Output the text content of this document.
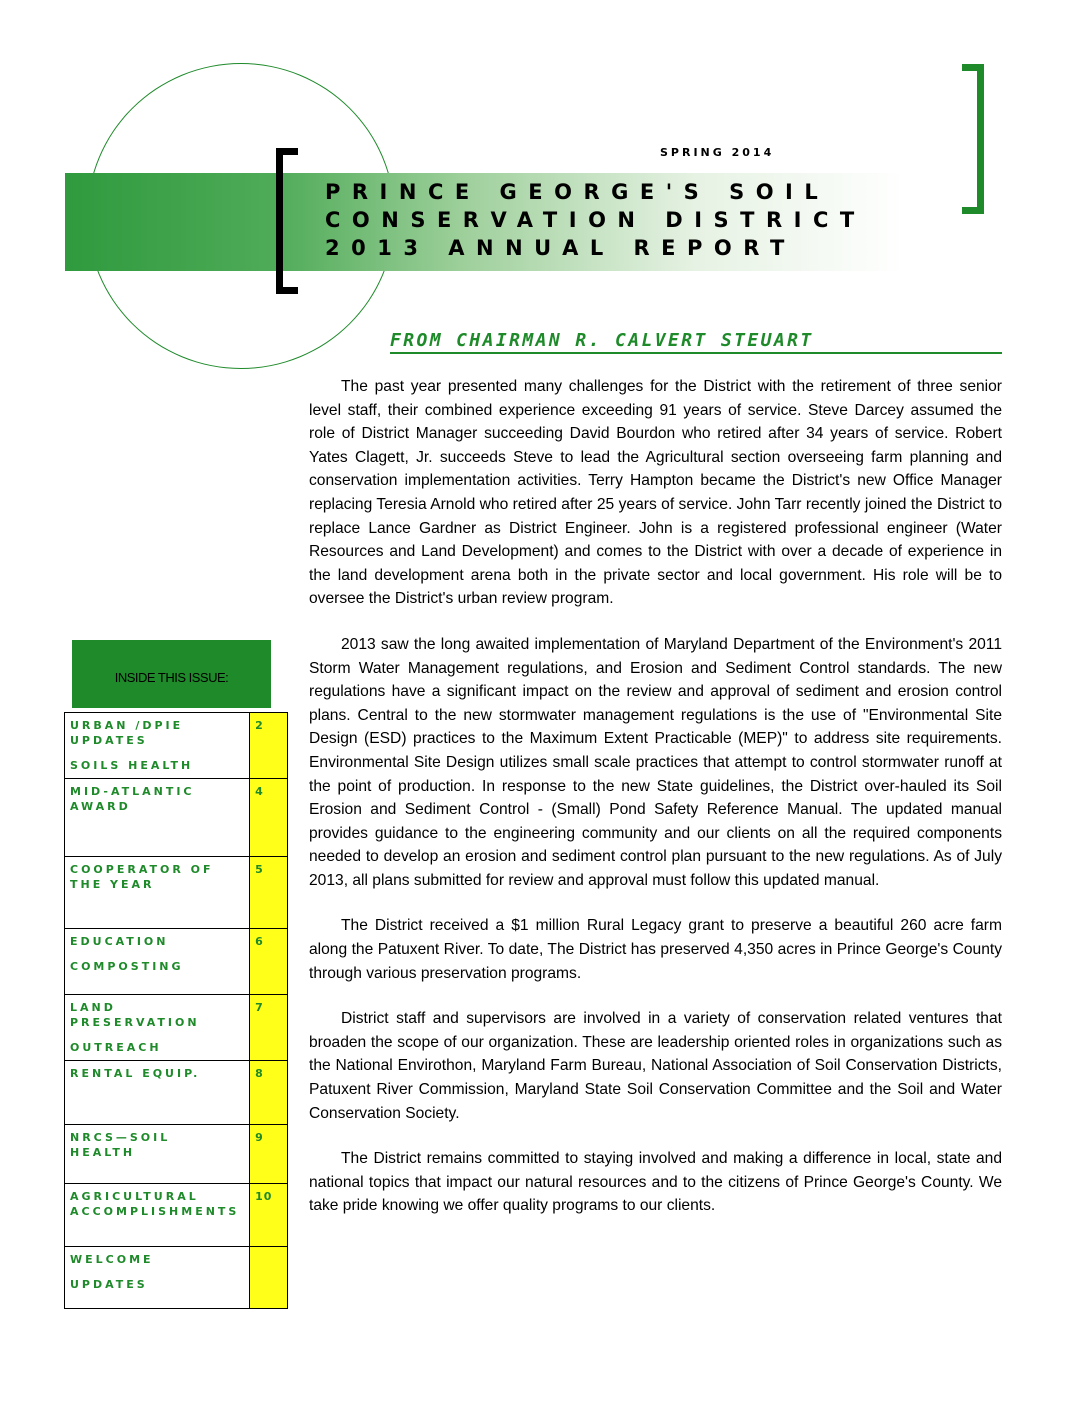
SPRING 2014
PRINCE GEORGE'S SOIL
CONSERVATION DISTRICT
2013 ANNUAL REPORT
FROM CHAIRMAN R. CALVERT STEUART

The past year presented many challenges for the District with the retirement of three senior level staff, their combined experience exceeding 91 years of service. Steve Darcey assumed the role of District Manager succeeding David Bourdon who retired after 34 years of service. Robert Yates Clagett, Jr. succeeds Steve to lead the Agricultural section overseeing farm planning and conservation implementation activities. Terry Hampton became the District's new Office Manager replacing Teresia Arnold who retired after 25 years of service. John Tarr recently joined the District to replace Lance Gardner as District Engineer. John is a registered professional engineer (Water Resources and Land Development) and comes to the District with over a decade of experience in the land development arena both in the private sector and local government. His role will be to oversee the District's urban review program.

2013 saw the long awaited implementation of Maryland Department of the Environment's 2011 Storm Water Management regulations, and Erosion and Sediment Control standards. The new regulations have a significant impact on the review and approval of sediment and erosion control plans. Central to the new stormwater management regulations is the use of "Environmental Site Design (ESD) practices to the Maximum Extent Practicable (MEP)" to address site requirements. Environmental Site Design utilizes small scale practices that attempt to control stormwater runoff at the point of production. In response to the new State guidelines, the District over-hauled its Soil Erosion and Sediment Control - (Small) Pond Safety Reference Manual. The updated manual provides guidance to the engineering community and our clients on all the required components needed to develop an erosion and sediment control plan pursuant to the new regulations. As of July 2013, all plans submitted for review and approval must follow this updated manual.

The District received a $1 million Rural Legacy grant to preserve a beautiful 260 acre farm along the Patuxent River. To date, The District has preserved 4,350 acres in Prince George's County through various preservation programs.

District staff and supervisors are involved in a variety of conservation related ventures that broaden the scope of our organization. These are leadership oriented roles in organizations such as the National Envirothon, Maryland Farm Bureau, National Association of Soil Conservation Districts, Patuxent River Commission, Maryland State Soil Conservation Committee and the Soil and Water Conservation Society.

The District remains committed to staying involved and making a difference in local, state and national topics that impact our natural resources and to the citizens of Prince George's County. We take pride knowing we offer quality programs to our clients.

INSIDE THIS ISSUE:
URBAN /DPIE
UPDATES
SOILS HEALTH	2

MID-ATLANTIC
AWARD	4

COOPERATOR OF
THE YEAR	5

EDUCATION
COMPOSTING	6

LAND
PRESERVATION
OUTREACH	7

RENTAL EQUIP.	8

NRCS—SOIL
HEALTH	9

AGRICULTURAL
ACCOMPLISHMENTS	10

WELCOME
UPDATES	
